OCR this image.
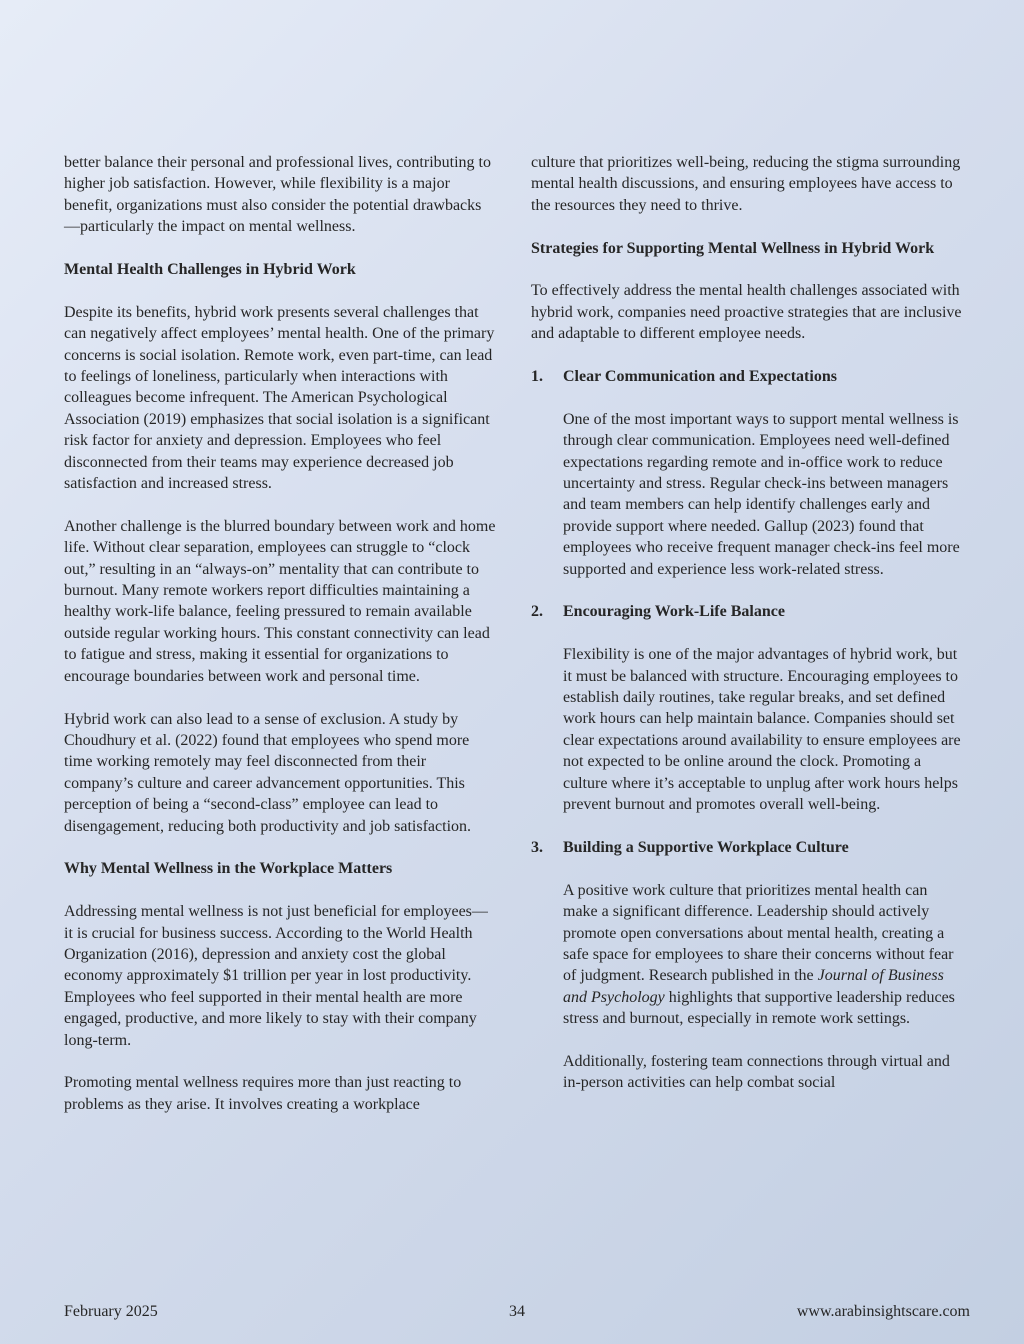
better balance their personal and professional lives, contributing to higher job satisfaction. However, while flexibility is a major benefit, organizations must also consider the potential drawbacks—particularly the impact on mental wellness.

Mental Health Challenges in Hybrid Work

Despite its benefits, hybrid work presents several challenges that can negatively affect employees’ mental health. One of the primary concerns is social isolation. Remote work, even part-time, can lead to feelings of loneliness, particularly when interactions with colleagues become infrequent. The American Psychological Association (2019) emphasizes that social isolation is a significant risk factor for anxiety and depression. Employees who feel disconnected from their teams may experience decreased job satisfaction and increased stress.

Another challenge is the blurred boundary between work and home life. Without clear separation, employees can struggle to “clock out,” resulting in an “always-on” mentality that can contribute to burnout. Many remote workers report difficulties maintaining a healthy work-life balance, feeling pressured to remain available outside regular working hours. This constant connectivity can lead to fatigue and stress, making it essential for organizations to encourage boundaries between work and personal time.

Hybrid work can also lead to a sense of exclusion. A study by Choudhury et al. (2022) found that employees who spend more time working remotely may feel disconnected from their company’s culture and career advancement opportunities. This perception of being a “second-class” employee can lead to disengagement, reducing both productivity and job satisfaction.

Why Mental Wellness in the Workplace Matters

Addressing mental wellness is not just beneficial for employees—it is crucial for business success. According to the World Health Organization (2016), depression and anxiety cost the global economy approximately $1 trillion per year in lost productivity. Employees who feel supported in their mental health are more engaged, productive, and more likely to stay with their company long-term.

Promoting mental wellness requires more than just reacting to problems as they arise. It involves creating a workplace

culture that prioritizes well-being, reducing the stigma surrounding mental health discussions, and ensuring employees have access to the resources they need to thrive.

Strategies for Supporting Mental Wellness in Hybrid Work

To effectively address the mental health challenges associated with hybrid work, companies need proactive strategies that are inclusive and adaptable to different employee needs.

1. Clear Communication and Expectations

One of the most important ways to support mental wellness is through clear communication. Employees need well-defined expectations regarding remote and in-office work to reduce uncertainty and stress. Regular check-ins between managers and team members can help identify challenges early and provide support where needed. Gallup (2023) found that employees who receive frequent manager check-ins feel more supported and experience less work-related stress.

2. Encouraging Work-Life Balance

Flexibility is one of the major advantages of hybrid work, but it must be balanced with structure. Encouraging employees to establish daily routines, take regular breaks, and set defined work hours can help maintain balance. Companies should set clear expectations around availability to ensure employees are not expected to be online around the clock. Promoting a culture where it’s acceptable to unplug after work hours helps prevent burnout and promotes overall well-being.

3. Building a Supportive Workplace Culture

A positive work culture that prioritizes mental health can make a significant difference. Leadership should actively promote open conversations about mental health, creating a safe space for employees to share their concerns without fear of judgment. Research published in the Journal of Business and Psychology highlights that supportive leadership reduces stress and burnout, especially in remote work settings.

Additionally, fostering team connections through virtual and in-person activities can help combat social

February 2025	34	www.arabinsightscare.com
